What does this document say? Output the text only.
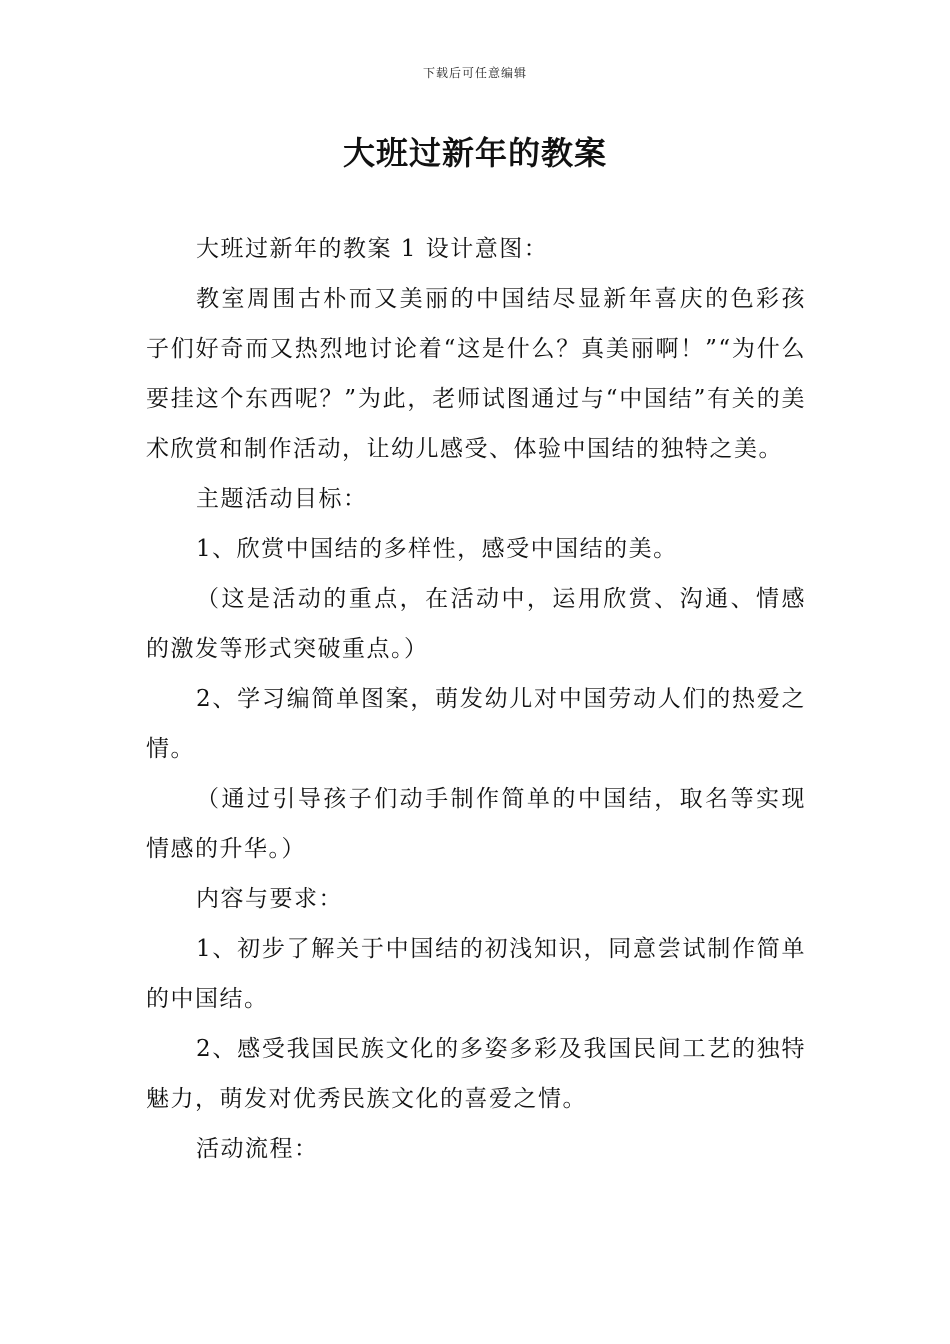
下载后可任意编辑
大班过新年的教案

大班过新年的教案 1 设计意图：

教室周围古朴而又美丽的中国结尽显新年喜庆的色彩孩子们好奇而又热烈地讨论着“这是什么？真美丽啊！”“为什么要挂这个东西呢？”为此，老师试图通过与“中国结”有关的美术欣赏和制作活动，让幼儿感受、体验中国结的独特之美。

主题活动目标：

1、欣赏中国结的多样性，感受中国结的美。

（这是活动的重点，在活动中，运用欣赏、沟通、情感的激发等形式突破重点。）

2、学习编简单图案，萌发幼儿对中国劳动人们的热爱之情。

（通过引导孩子们动手制作简单的中国结，取名等实现情感的升华。）

内容与要求：

1、初步了解关于中国结的初浅知识，同意尝试制作简单的中国结。

2、感受我国民族文化的多姿多彩及我国民间工艺的独特魅力，萌发对优秀民族文化的喜爱之情。

活动流程：
